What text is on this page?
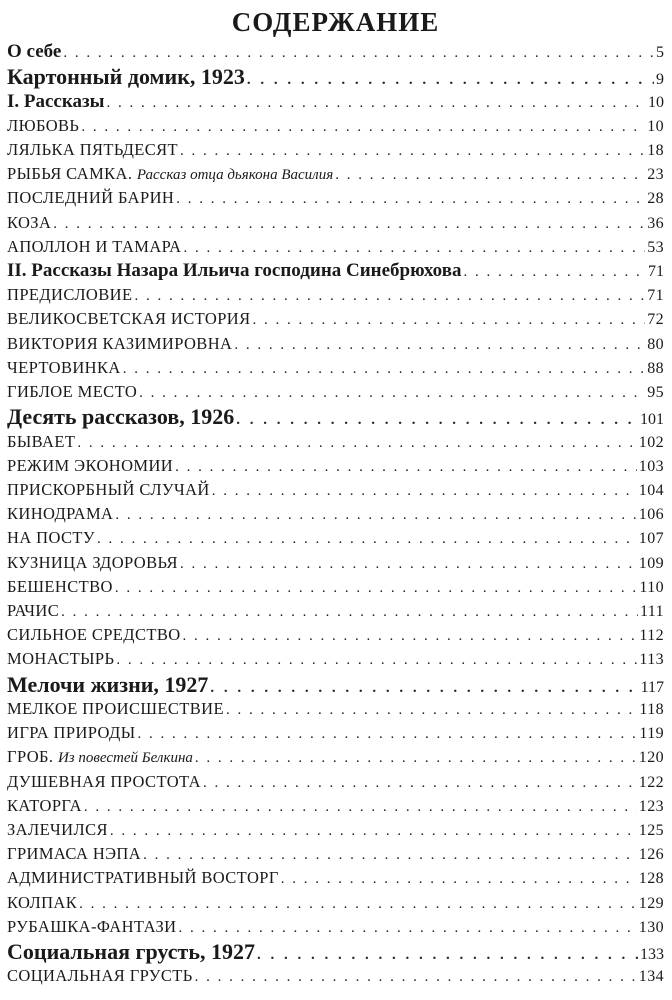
СОДЕРЖАНИЕ
О себе . . .	5
Картонный домик, 1923 . . .	9
I. Рассказы . . .	10
ЛЮБОВЬ . . .	10
ЛЯЛЬКА ПЯТЬДЕСЯТ . . .	18
РЫБЬЯ САМКА. Рассказ отца дьякона Василия . . .	23
ПОСЛЕДНИЙ БАРИН . . .	28
КОЗА . . .	36
АПОЛЛОН И ТАМАРА . . .	53
II. Рассказы Назара Ильича господина Синебрюхова . . .	71
ПРЕДИСЛОВИЕ . . .	71
ВЕЛИКОСВЕТСКАЯ ИСТОРИЯ . . .	72
ВИКТОРИЯ КАЗИМИРОВНА . . .	80
ЧЕРТОВИНКА . . .	88
ГИБЛОЕ МЕСТО . . .	95
Десять рассказов, 1926 . . .	101
БЫВАЕТ . . .	102
РЕЖИМ ЭКОНОМИИ . . .	103
ПРИСКОРБНЫЙ СЛУЧАЙ . . .	104
КИНОДРАМА . . .	106
НА ПОСТУ . . .	107
КУЗНИЦА ЗДОРОВЬЯ . . .	109
БЕШЕНСТВО . . .	110
РАЧИС . . .	111
СИЛЬНОЕ СРЕДСТВО . . .	112
МОНАСТЫРЬ . . .	113
Мелочи жизни, 1927 . . .	117
МЕЛКОЕ ПРОИСШЕСТВИЕ . . .	118
ИГРА ПРИРОДЫ . . .	119
ГРОБ. Из повестей Белкина . . .	120
ДУШЕВНАЯ ПРОСТОТА . . .	122
КАТОРГА . . .	123
ЗАЛЕЧИЛСЯ . . .	125
ГРИМАСА НЭПА . . .	126
АДМИНИСТРАТИВНЫЙ ВОСТОРГ . . .	128
КОЛПАК . . .	129
РУБАШКА-ФАНТАЗИ . . .	130
Социальная грусть, 1927 . . .	133
СОЦИАЛЬНАЯ ГРУСТЬ . . .	134
